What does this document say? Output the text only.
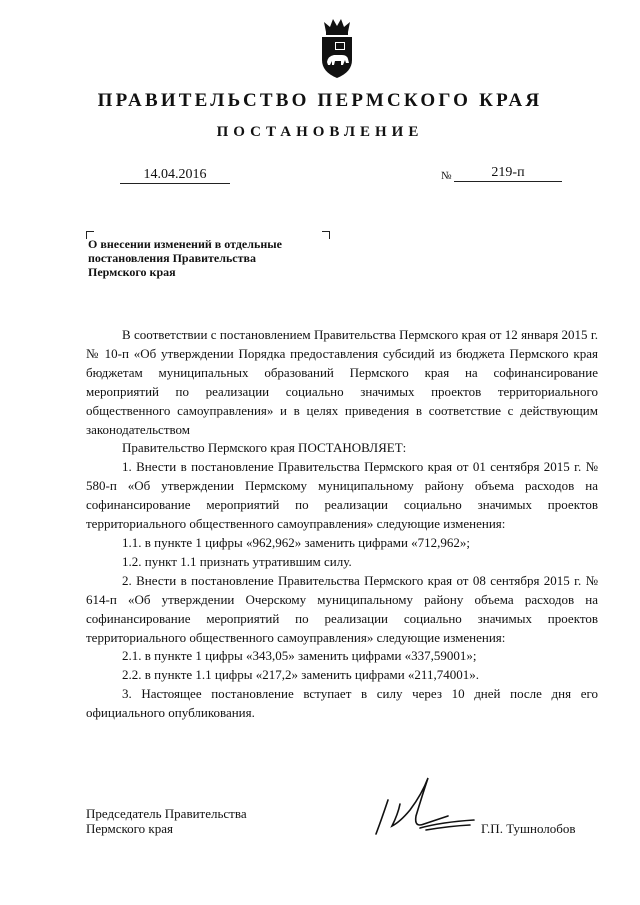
ПРАВИТЕЛЬСТВО ПЕРМСКОГО КРАЯ
ПОСТАНОВЛЕНИЕ
14.04.2016	№	219-п
О внесении изменений в отдельные
постановления Правительства
Пермского края

В соответствии с постановлением Правительства Пермского края от 12 января 2015 г. № 10-п «Об утверждении Порядка предоставления субсидий из бюджета Пермского края бюджетам муниципальных образований Пермского края на софинансирование мероприятий по реализации социально значимых проектов территориального общественного самоуправления» и в целях приведения в соответствие с действующим законодательством

Правительство Пермского края ПОСТАНОВЛЯЕТ:

1. Внести в постановление Правительства Пермского края от 01 сентября 2015 г. № 580-п «Об утверждении Пермскому муниципальному району объема расходов на софинансирование мероприятий по реализации социально значимых проектов территориального общественного самоуправления» следующие изменения:

1.1. в пункте 1 цифры «962,962» заменить цифрами «712,962»;

1.2. пункт 1.1 признать утратившим силу.

2. Внести в постановление Правительства Пермского края от 08 сентября 2015 г. № 614-п «Об утверждении Очерскому муниципальному району объема расходов на софинансирование мероприятий по реализации социально значимых проектов территориального общественного самоуправления» следующие изменения:

2.1. в пункте 1 цифры «343,05» заменить цифрами «337,59001»;

2.2. в пункте 1.1 цифры «217,2» заменить цифрами «211,74001».

3. Настоящее постановление вступает в силу через 10 дней после дня его официального опубликования.

Председатель Правительства
Пермского края	Г.П. Тушнолобов
